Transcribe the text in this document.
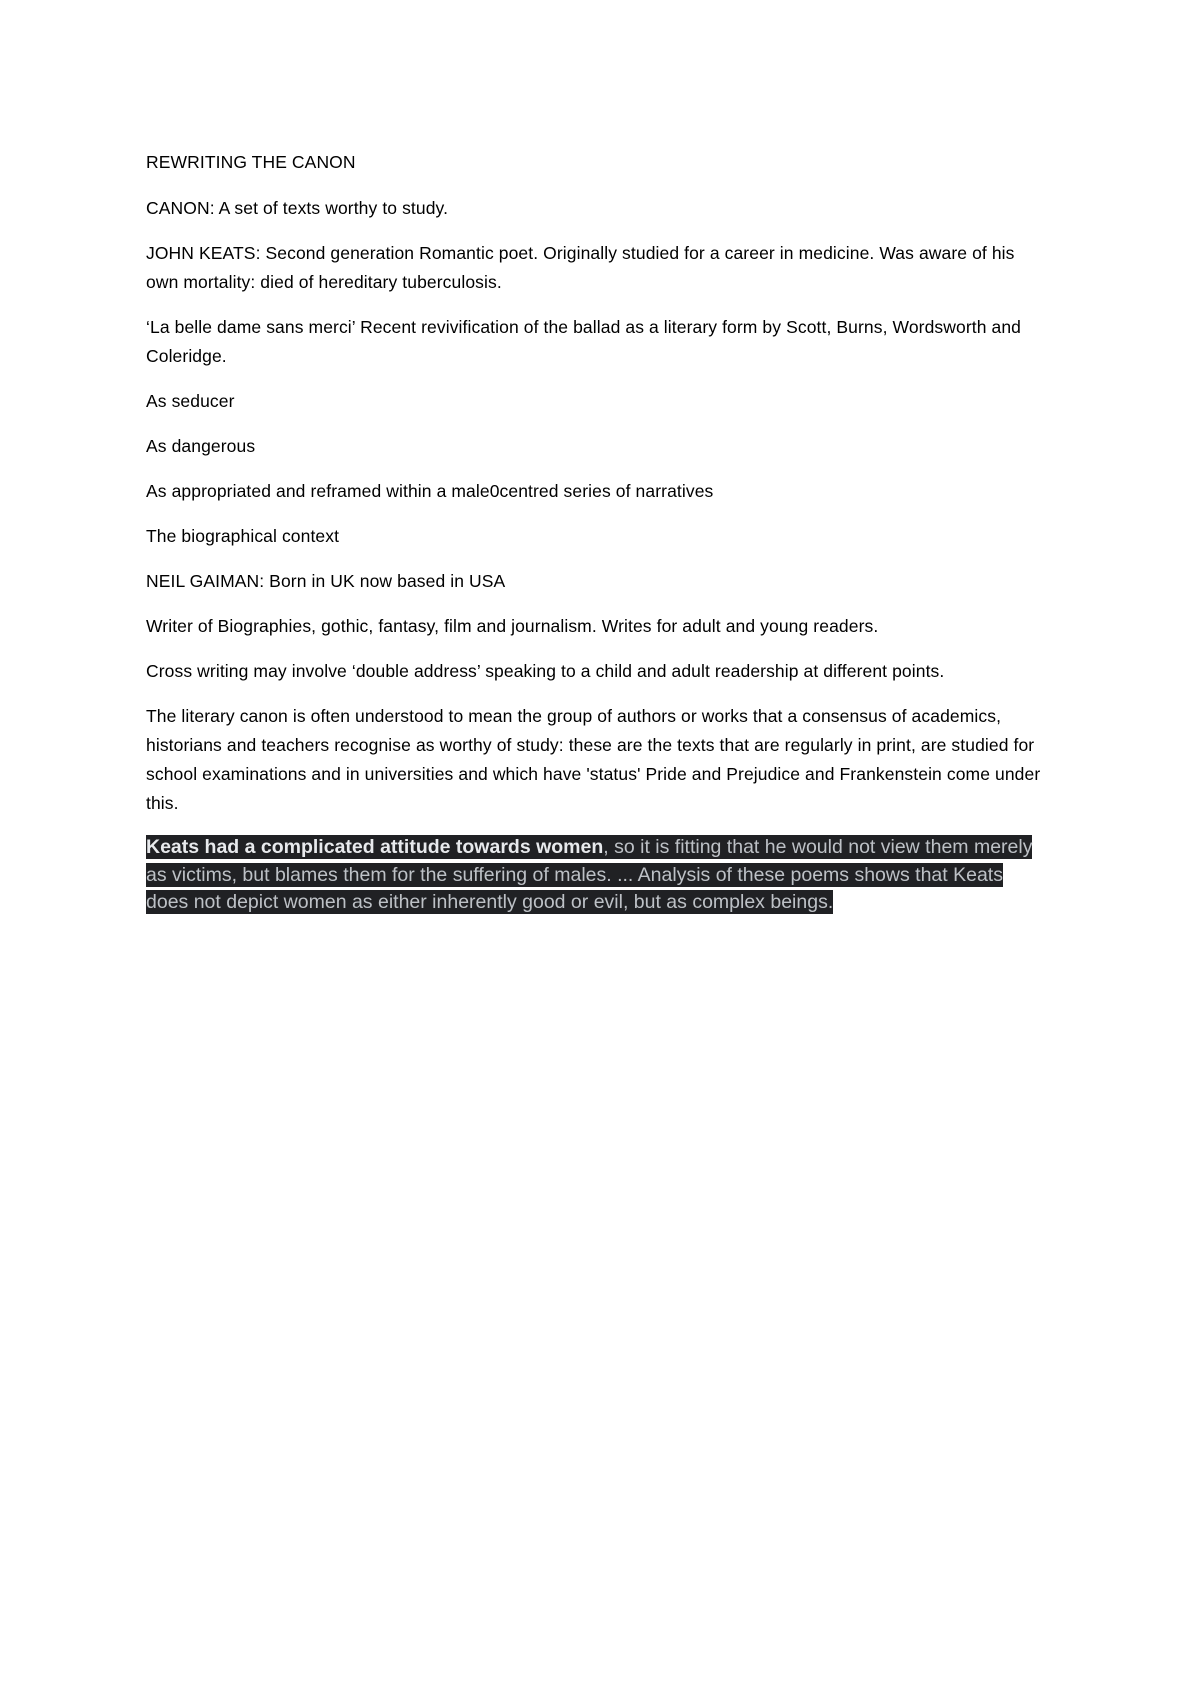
REWRITING THE CANON

CANON: A set of texts worthy to study.

JOHN KEATS: Second generation Romantic poet. Originally studied for a career in medicine. Was aware of his own mortality: died of hereditary tuberculosis.

‘La belle dame sans merci’ Recent revivification of the ballad as a literary form by Scott, Burns, Wordsworth and Coleridge.

As seducer

As dangerous

As appropriated and reframed within a male0centred series of narratives

The biographical context

NEIL GAIMAN: Born in UK now based in USA

Writer of Biographies, gothic, fantasy, film and journalism. Writes for adult and young readers.

Cross writing may involve ‘double address’ speaking to a child and adult readership at different points.

The literary canon is often understood to mean the group of authors or works that a consensus of academics, historians and teachers recognise as worthy of study: these are the texts that are regularly in print, are studied for school examinations and in universities and which have 'status' Pride and Prejudice and Frankenstein come under this.

Keats had a complicated attitude towards women, so it is fitting that he would not view them merely as victims, but blames them for the suffering of males. ... Analysis of these poems shows that Keats does not depict women as either inherently good or evil, but as complex beings.
